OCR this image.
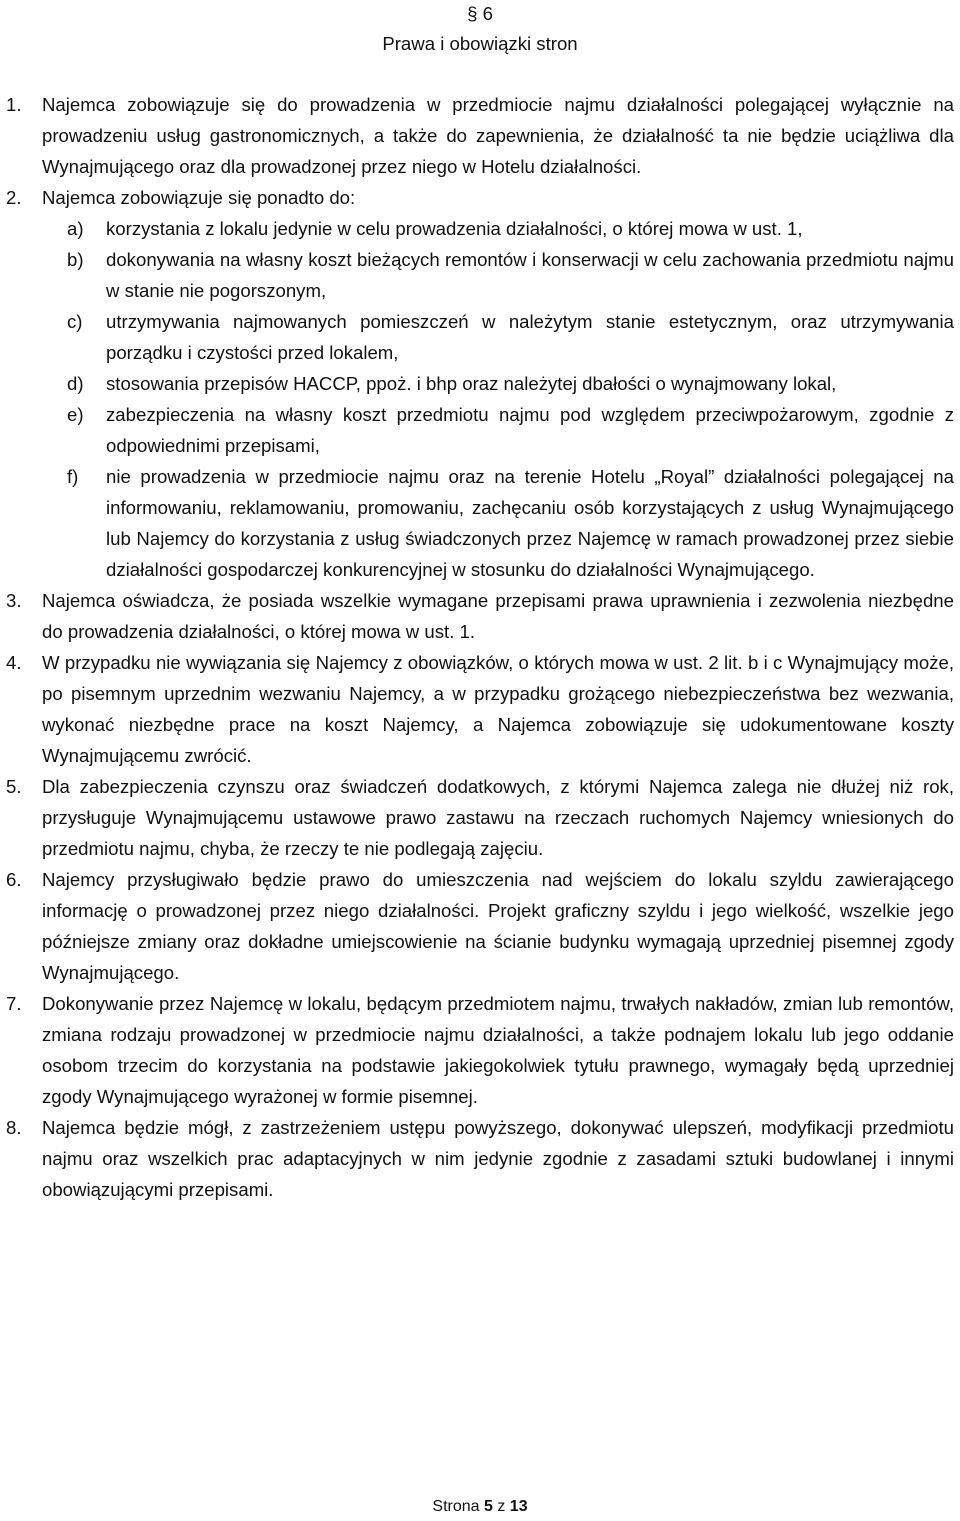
§ 6
Prawa i obowiązki stron
1. Najemca zobowiązuje się do prowadzenia w przedmiocie najmu działalności polegającej wyłącznie na prowadzeniu usług gastronomicznych, a także do zapewnienia, że działalność ta nie będzie uciążliwa dla Wynajmującego oraz dla prowadzonej przez niego w Hotelu działalności.
2. Najemca zobowiązuje się ponadto do:
a) korzystania z lokalu jedynie w celu prowadzenia działalności, o której mowa w ust. 1,
b) dokonywania na własny koszt bieżących remontów i konserwacji w celu zachowania przedmiotu najmu w stanie nie pogorszonym,
c) utrzymywania najmowanych pomieszczeń w należytym stanie estetycznym, oraz utrzymywania porządku i czystości przed lokalem,
d) stosowania przepisów HACCP, ppoż. i bhp oraz należytej dbałości o wynajmowany lokal,
e) zabezpieczenia na własny koszt przedmiotu najmu pod względem przeciwpożarowym, zgodnie z odpowiednimi przepisami,
f) nie prowadzenia w przedmiocie najmu oraz na terenie Hotelu „Royal” działalności polegającej na informowaniu, reklamowaniu, promowaniu, zachęcaniu osób korzystających z usług Wynajmującego lub Najemcy do korzystania z usług świadczonych przez Najemcę w ramach prowadzonej przez siebie działalności gospodarczej konkurencyjnej w stosunku do działalności Wynajmującego.
3. Najemca oświadcza, że posiada wszelkie wymagane przepisami prawa uprawnienia i zezwolenia niezbędne do prowadzenia działalności, o której mowa w ust. 1.
4. W przypadku nie wywiązania się Najemcy z obowiązków, o których mowa w ust. 2 lit. b i c Wynajmujący może, po pisemnym uprzednim wezwaniu Najemcy, a w przypadku grożącego niebezpieczeństwa bez wezwania, wykonać niezbędne prace na koszt Najemcy, a Najemca zobowiązuje się udokumentowane koszty Wynajmującemu zwrócić.
5. Dla zabezpieczenia czynszu oraz świadczeń dodatkowych, z którymi Najemca zalega nie dłużej niż rok, przysługuje Wynajmującemu ustawowe prawo zastawu na rzeczach ruchomych Najemcy wniesionych do przedmiotu najmu, chyba, że rzeczy te nie podlegają zajęciu.
6. Najemcy przysługiwało będzie prawo do umieszczenia nad wejściem do lokalu szyldu zawierającego informację o prowadzonej przez niego działalności. Projekt graficzny szyldu i jego wielkość, wszelkie jego późniejsze zmiany oraz dokładne umiejscowienie na ścianie budynku wymagają uprzedniej pisemnej zgody Wynajmującego.
7. Dokonywanie przez Najemcę w lokalu, będącym przedmiotem najmu, trwałych nakładów, zmian lub remontów, zmiana rodzaju prowadzonej w przedmiocie najmu działalności, a także podnajem lokalu lub jego oddanie osobom trzecim do korzystania na podstawie jakiegokolwiek tytułu prawnego, wymagały będą uprzedniej zgody Wynajmującego wyrażonej w formie pisemnej.
8. Najemca będzie mógł, z zastrzeżeniem ustępu powyższego, dokonywać ulepszeń, modyfikacji przedmiotu najmu oraz wszelkich prac adaptacyjnych w nim jedynie zgodnie z zasadami sztuki budowlanej i innymi obowiązującymi przepisami.
Strona 5 z 13
